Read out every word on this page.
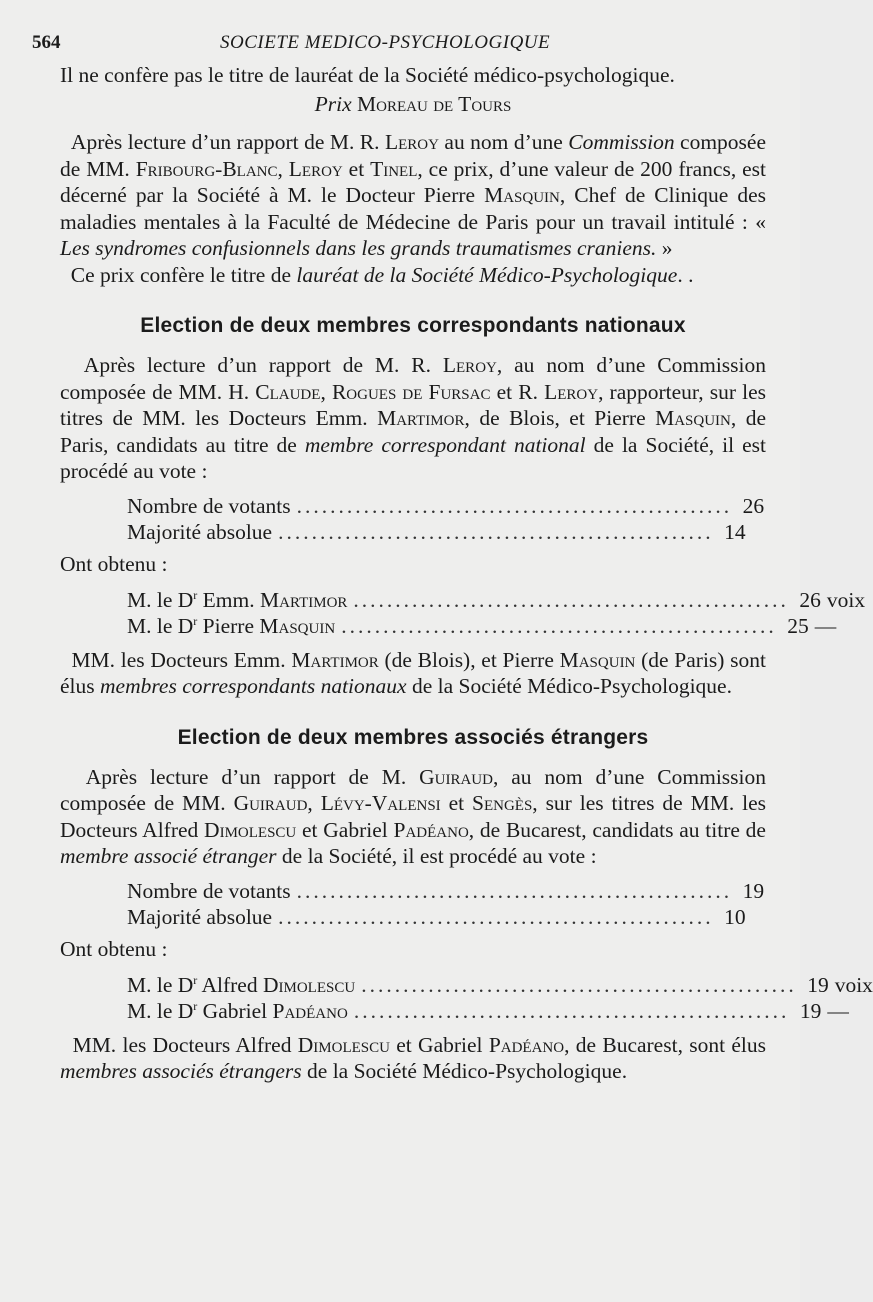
564	SOCIETE MEDICO-PSYCHOLOGIQUE

Il ne confère pas le titre de lauréat de la Société médico-psychologique.

Prix Moreau de Tours

Après lecture d’un rapport de M. R. Leroy au nom d’une Commission composée de MM. Fribourg-Blanc, Leroy et Tinel, ce prix, d’une valeur de 200 francs, est décerné par la Société à M. le Docteur Pierre Masquin, Chef de Clinique des maladies mentales à la Faculté de Médecine de Paris pour un travail intitulé : « Les syndromes confusionnels dans les grands traumatismes craniens. »

Ce prix confère le titre de lauréat de la Société Médico-Psychologique. .

Election de deux membres correspondants nationaux

Après lecture d’un rapport de M. R. Leroy, au nom d’une Commission composée de MM. H. Claude, Rogues de Fursac et R. Leroy, rapporteur, sur les titres de MM. les Docteurs Emm. Martimor, de Blois, et Pierre Masquin, de Paris, candidats au titre de membre correspondant national de la Société, il est procédé au vote :

Nombre de votants .................................................... 26
Majorité absolue .................................................... 14
Ont obtenu :
M. le $D^r$ Emm. Martimor .................................................... 26 voix
M. le $D^r$ Pierre Masquin .................................................... 25 —

MM. les Docteurs Emm. Martimor (de Blois), et Pierre Masquin (de Paris) sont élus membres correspondants nationaux de la Société Médico-Psychologique.

Election de deux membres associés étrangers

Après lecture d’un rapport de M. Guiraud, au nom d’une Commission composée de MM. Guiraud, Lévy-Valensi et Sengès, sur les titres de MM. les Docteurs Alfred Dimolescu et Gabriel Padéano, de Bucarest, candidats au titre de membre associé étranger de la Société, il est procédé au vote :

Nombre de votants .................................................... 19
Majorité absolue .................................................... 10
Ont obtenu :
M. le $D^r$ Alfred Dimolescu .................................................... 19 voix
M. le $D^r$ Gabriel Padéano .................................................... 19 —

MM. les Docteurs Alfred Dimolescu et Gabriel Padéano, de Bucarest, sont élus membres associés étrangers de la Société Médico-Psychologique.
